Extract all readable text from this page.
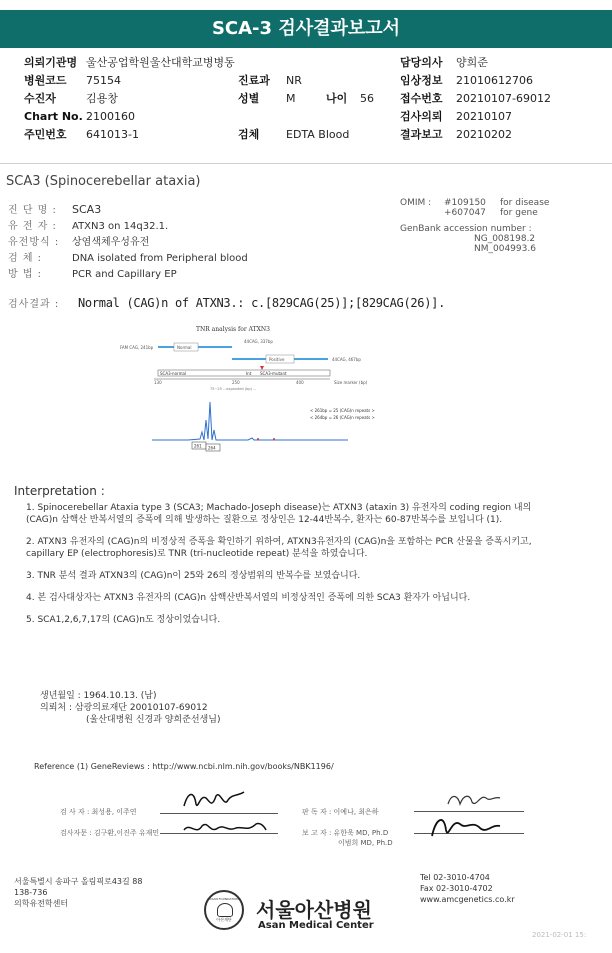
SCA-3 검사결과보고서
의뢰기관명 울산공업학원울산대학교병병동
병원코드 75154
수진자	김용창
Chart No. 2100160
주민번호 641013-1
진료과 NR
성별 M	나이 56
검체 EDTA Blood
담당의사 양희준
임상정보 21010612706
접수번호 20210107-69012
검사의뢰 20210107
결과보고 20210202
SCA3 (Spinocerebellar ataxia)
진 단 명 : SCA3
유 전 자 : ATXN3 on 14q32.1.
유전방식 : 상염색체우성유전
검 체 :	DNA isolated from Peripheral blood
방 법 :	PCR and Capillary EP
OMIM : #109150 for disease
+607047 for gene
GenBank accession number :
NG_008198.2
NM_004993.6
검사결과 : Normal (CAG)n of ATXN3.: c.[829CAG(25)];[829CAG(26)].
TNR analysis for ATXN3
FAM CAG, 241bp	Normal
44CAG, 337bp
Positive	44CAG, 467bp
SCA3-normal	Int SCA3-mutant
130	250	400	Size marker (bp)
75~25 ...expanded (bp) ...
< 261bp = 25 (CAG)n repeats >
< 264bp = 26 (CAG)n repeats >
261 264
Interpretation :
1. Spinocerebellar Ataxia type 3 (SCA3; Machado-Joseph disease)는 ATXN3 (ataxin 3) 유전자의 coding region 내의 (CAG)n 삼핵산 반복서열의 증폭에 의해 발생하는 질환으로 정상인은 12-44반복수, 환자는 60-87반복수를 보입니다 (1).
2. ATXN3 유전자의 (CAG)n의 비정상적 증폭을 확인하기 위하여, ATXN3유전자의 (CAG)n을 포함하는 PCR 산물을 증폭시키고, capillary EP (electrophoresis)로 TNR (tri-nucleotide repeat) 분석을 하였습니다.
3. TNR 분석 결과 ATXN3의 (CAG)n이 25와 26의 정상범위의 반복수를 보였습니다.
4. 본 검사대상자는 ATXN3 유전자의 (CAG)n 삼핵산반복서열의 비정상적인 증폭에 의한 SCA3 환자가 아닙니다.
5. SCA1,2,6,7,17의 (CAG)n도 정상이었습니다.
생년월일 : 1964.10.13. (남)
의뢰처 : 삼광의료재단 20010107-69012
(울산대병원 신경과 양희준선생님)
Reference (1) GeneReviews : http://www.ncbi.nlm.nih.gov/books/NBK1196/
검 사 자 : 최성용, 이주연
검사자문 : 김구환,이진주 유재민
판 독 자 : 이예나, 최은하
보 고 자 : 유한욱 MD, Ph.D
이범희 MD, Ph.D
서울특별시 송파구 올림픽로43길 88
138-736
의학유전학센터	ASAN FOUNDATION
아산재단	서울아산병원
Asan Medical Center
Tel 02-3010-4704
Fax 02-3010-4702
www.amcgenetics.co.kr
2021-02-01 15:
